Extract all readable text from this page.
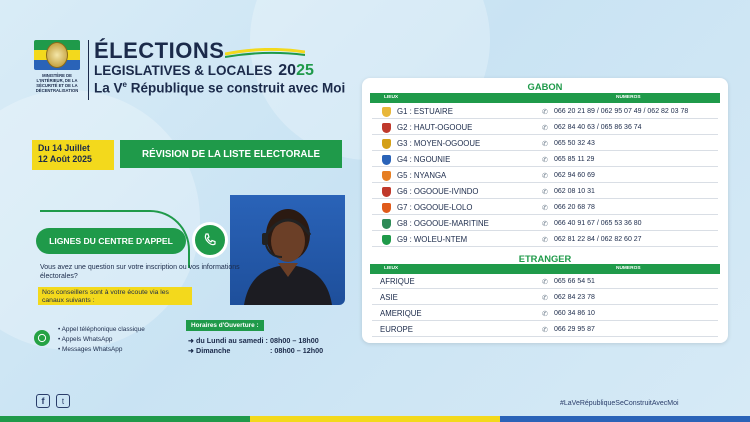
MINISTÈRE DE L'INTÉRIEUR, DE LA SÉCURITÉ ET DE LA DÉCENTRALISATION
ÉLECTIONS
LEGISLATIVES & LOCALES 2025
La Ve République se construit avec Moi
Du 14 Juillet
12 Août 2025	RÉVISION DE LA LISTE ELECTORALE
LIGNES DU CENTRE D'APPEL
Vous avez une question sur votre inscription ou vos informations électorales?
Nos conseillers sont à votre écoute via les canaux suivants :
• Appel téléphonique classique
• Appels WhatsApp
• Messages WhatsApp
Horaires d'Ouverture :
➜ du Lundi au samedi : 08h00 – 18h00
➜ Dimanche	: 08h00 – 12h00
GABON
LIEUX	NUMEROS
G1 : ESTUAIRE	✆ 066 20 21 89 / 062 95 07 49 / 062 82 03 78
G2 : HAUT-OGOOUE	✆ 062 84 40 63 / 065 86 36 74
G3 : MOYEN-OGOOUE	✆ 065 50 32 43
G4 : NGOUNIE	✆ 065 85 11 29
G5 : NYANGA	✆ 062 94 60 69
G6 : OGOOUE-IVINDO	✆ 062 08 10 31
G7 : OGOOUE-LOLO	✆ 066 20 68 78
G8 : OGOOUE-MARITINE	✆ 066 40 91 67 / 065 53 36 80
G9 : WOLEU-NTEM	✆ 062 81 22 84 / 062 82 60 27
ETRANGER
LIEUX	NUMEROS
AFRIQUE	✆ 065 66 54 51
ASIE	✆ 062 84 23 78
AMERIQUE	✆ 060 34 86 10
EUROPE	✆ 066 29 95 87
f	t	#LaVeRépubliqueSeConstruitAvecMoi
